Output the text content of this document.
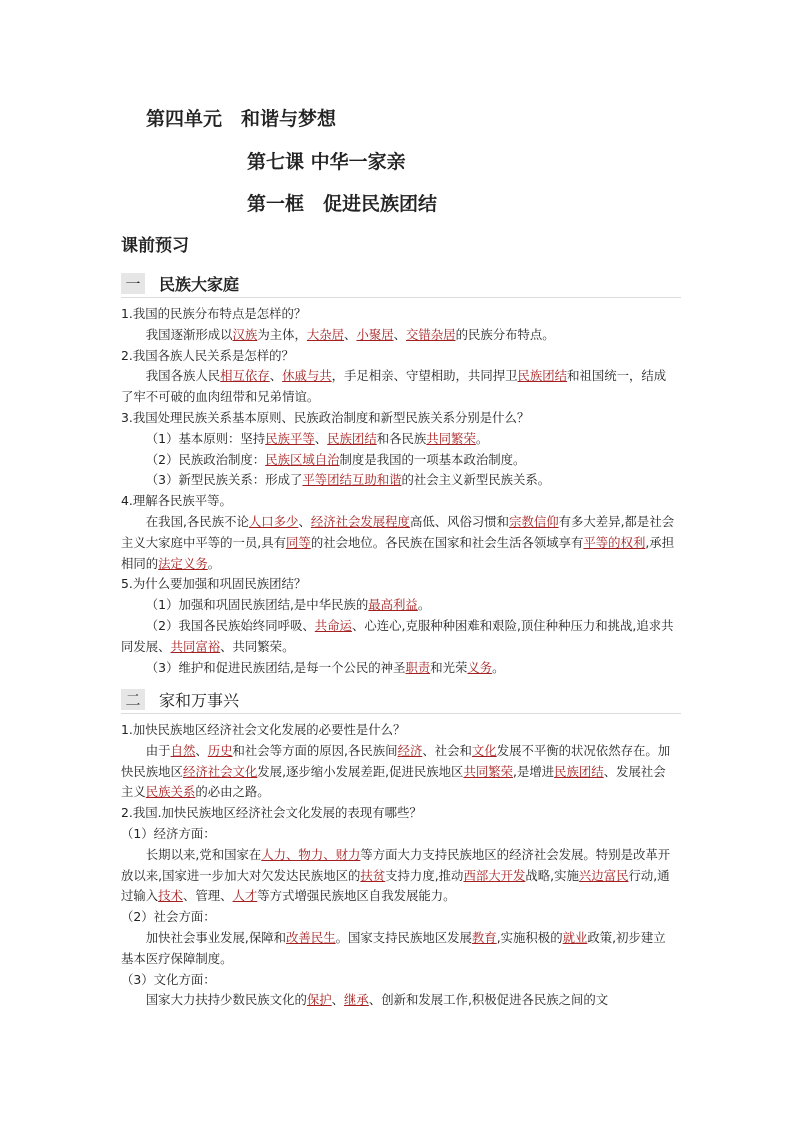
第四单元　和谐与梦想
第七课 中华一家亲
第一框　促进民族团结
课前预习
一 民族大家庭

1.我国的民族分布特点是怎样的？

我国逐渐形成以汉族为主体，大杂居、小聚居、交错杂居的民族分布特点。

2.我国各族人民关系是怎样的？

我国各族人民相互依存、休戚与共，手足相亲、守望相助，共同捍卫民族团结和祖国统一，结成了牢不可破的血肉纽带和兄弟情谊。

3.我国处理民族关系基本原则、民族政治制度和新型民族关系分别是什么？

（1）基本原则：坚持民族平等、民族团结和各民族共同繁荣。

（2）民族政治制度：民族区域自治制度是我国的一项基本政治制度。

（3）新型民族关系：形成了平等团结互助和谐的社会主义新型民族关系。

4.理解各民族平等。

在我国,各民族不论人口多少、经济社会发展程度高低、风俗习惯和宗教信仰有多大差异,都是社会主义大家庭中平等的一员,具有同等的社会地位。各民族在国家和社会生活各领域享有平等的权利,承担相同的法定义务。

5.为什么要加强和巩固民族团结？

（1）加强和巩固民族团结,是中华民族的最高利益。

（2）我国各民族始终同呼吸、共命运、心连心,克服种种困难和艰险,顶住种种压力和挑战,追求共同发展、共同富裕、共同繁荣。

（3）维护和促进民族团结,是每一个公民的神圣职责和光荣义务。

二 家和万事兴

1.加快民族地区经济社会文化发展的必要性是什么？

由于自然、历史和社会等方面的原因,各民族间经济、社会和文化发展不平衡的状况依然存在。加快民族地区经济社会文化发展,逐步缩小发展差距,促进民族地区共同繁荣,是增进民族团结、发展社会主义民族关系的必由之路。

2.我国.加快民族地区经济社会文化发展的表现有哪些？

（1）经济方面：

长期以来,党和国家在人力、物力、财力等方面大力支持民族地区的经济社会发展。特别是改革开放以来,国家进一步加大对欠发达民族地区的扶贫支持力度,推动西部大开发战略,实施兴边富民行动,通过输入技术、管理、人才等方式增强民族地区自我发展能力。

（2）社会方面：

加快社会事业发展,保障和改善民生。国家支持民族地区发展教育,实施积极的就业政策,初步建立基本医疗保障制度。

（3）文化方面：

国家大力扶持少数民族文化的保护、继承、创新和发展工作,积极促进各民族之间的文
